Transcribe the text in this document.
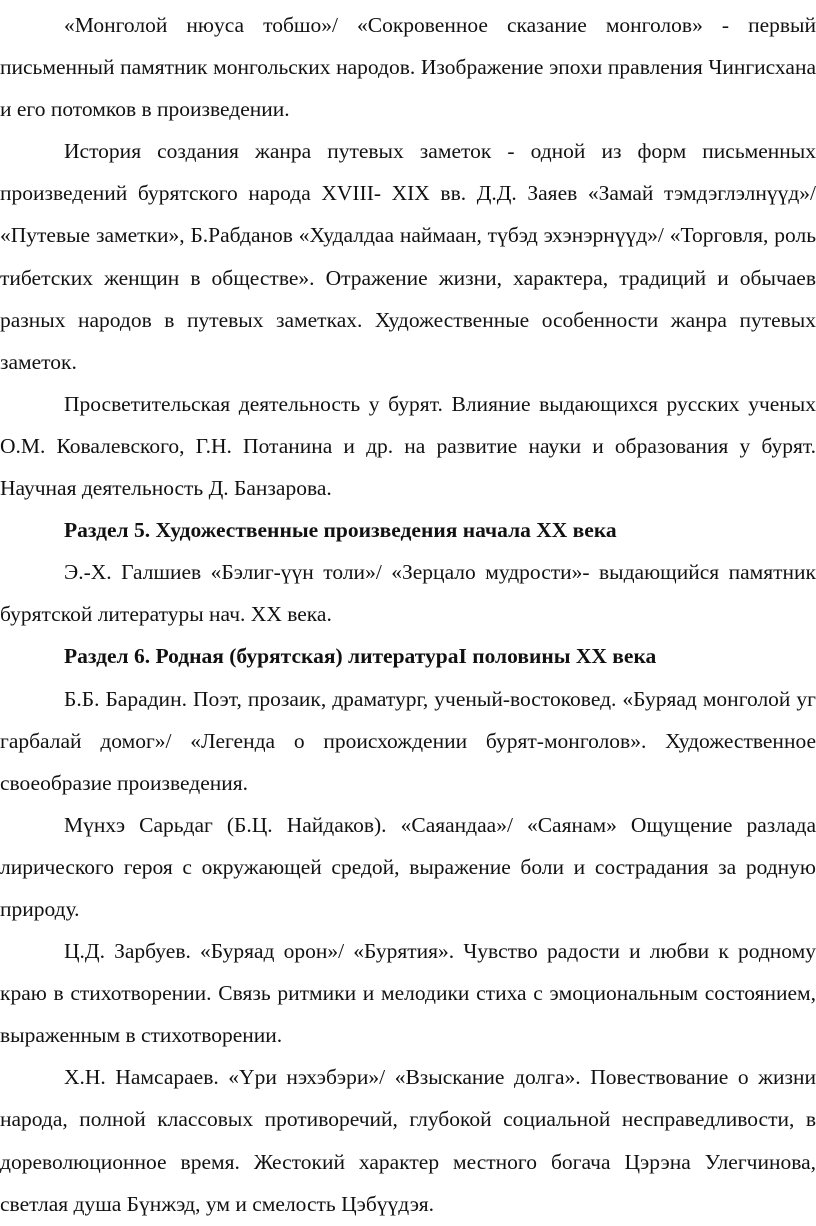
«Монголой нюуса тобшо»/ «Сокровенное сказание монголов» - первый письменный памятник монгольских народов. Изображение эпохи правления Чингисхана и его потомков в произведении.

История создания жанра путевых заметок - одной из форм письменных произведений бурятского народа XVIII- XIX вв. Д.Д. Заяев «Замай тэмдэглэлнүүд»/ «Путевые заметки», Б.Рабданов «Худалдаа наймаан, түбэд эхэнэрнүүд»/ «Торговля, роль тибетских женщин в обществе». Отражение жизни, характера, традиций и обычаев разных народов в путевых заметках. Художественные особенности жанра путевых заметок.

Просветительская деятельность у бурят. Влияние выдающихся русских ученых О.М. Ковалевского, Г.Н. Потанина и др. на развитие науки и образования у бурят. Научная деятельность Д. Банзарова.

Раздел 5. Художественные произведения начала XX века

Э.-Х. Галшиев «Бэлиг-үүн толи»/ «Зерцало мудрости»- выдающийся памятник бурятской литературы нач. XX века.

Раздел 6. Родная (бурятская) литератураI половины XX века

Б.Б. Барадин. Поэт, прозаик, драматург, ученый-востоковед. «Буряад монголой уг гарбалай домог»/ «Легенда о происхождении бурят-монголов». Художественное своеобразие произведения.

Мүнхэ Сарьдаг (Б.Ц. Найдаков). «Саяандаа»/ «Саянам» Ощущение разлада лирического героя с окружающей средой, выражение боли и сострадания за родную природу.

Ц.Д. Зарбуев. «Буряад орон»/ «Бурятия». Чувство радости и любви к родному краю в стихотворении. Связь ритмики и мелодики стиха с эмоциональным состоянием, выраженным в стихотворении.

Х.Н. Намсараев. «Үри нэхэбэри»/ «Взыскание долга». Повествование о жизни народа, полной классовых противоречий, глубокой социальной несправедливости, в дореволюционное время. Жестокий характер местного богача Цэрэна Улегчинова, светлая душа Бүнжэд, ум и смелость Цэбүүдэя.
